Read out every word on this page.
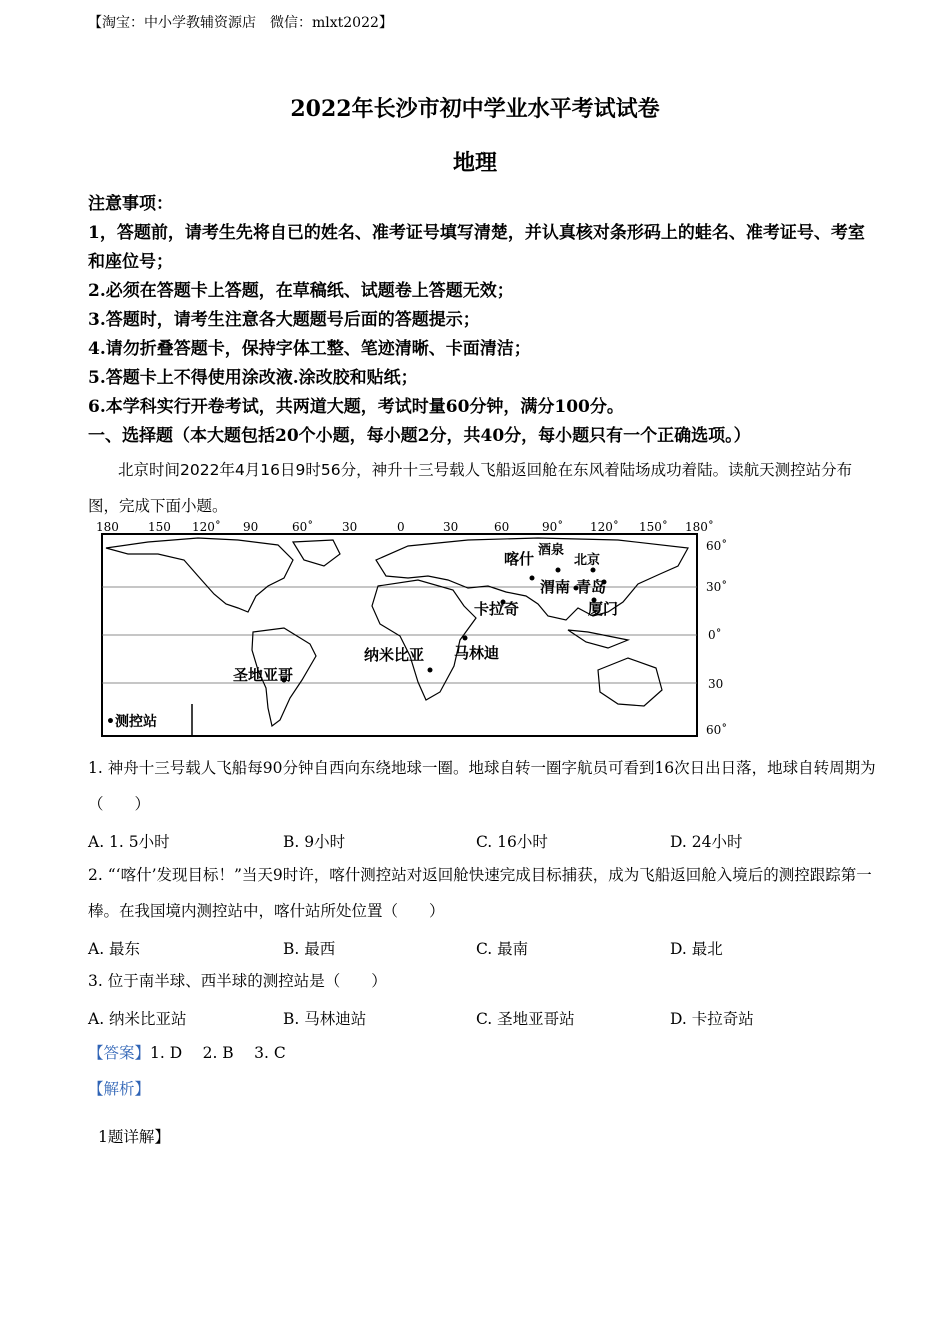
【淘宝：中小学教辅资源店　微信：mlxt2022】
2022年长沙市初中学业水平考试试卷
地理

注意事项：

1，答题前，请考生先将自已的姓名、准考证号填写清楚，并认真核对条形码上的蛙名、准考证号、考室和座位号；

2.必须在答题卡上答题，在草稿纸、试题卷上答题无效；

3.答题时，请考生注意各大题题号后面的答题提示；

4.请勿折叠答题卡，保持字体工整、笔迹清晰、卡面清洁；

5.答题卡上不得使用涂改液.涂改胶和贴纸；

6.本学科实行开卷考试，共两道大题，考试时量60分钟，满分100分。

一、选择题（本大题包括20个小题，每小题2分，共40分，每小题只有一个正确选项。）
北京时间2022年4月16日9时56分，神升十三号载人飞船返回舱在东风着陆场成功着陆。读航天测控站分布图，完成下面小题。
180 150 120˚ 90	60˚ 30	0	30	60	90˚ 120˚ 150˚ 180˚
60˚
30˚
0˚
30
60˚
喀什 酒泉
北京
渭南 青岛
厦门
卡拉奇
纳米比亚 马林迪
圣地亚哥
•测控站
1. 神舟十三号载人飞船每90分钟自西向东绕地球一圈。地球自转一圈字航员可看到16次日出日落，地球自转周期为（　　）
A. 1. 5小时	B. 9小时	C. 16小时	D. 24小时
2. “‘喀什’发现目标！”当天9时许，喀什测控站对返回舱快速完成目标捕获，成为飞船返回舱入境后的测控跟踪第一棒。在我国境内测控站中，喀什站所处位置（　　）
A. 最东	B. 最西	C. 最南	D. 最北
3. 位于南半球、西半球的测控站是（　　）
A. 纳米比亚站	B. 马林迪站	C. 圣地亚哥站	D. 卡拉奇站
【答案】1. D　 2. B　 3. C
【解析】
1题详解】
